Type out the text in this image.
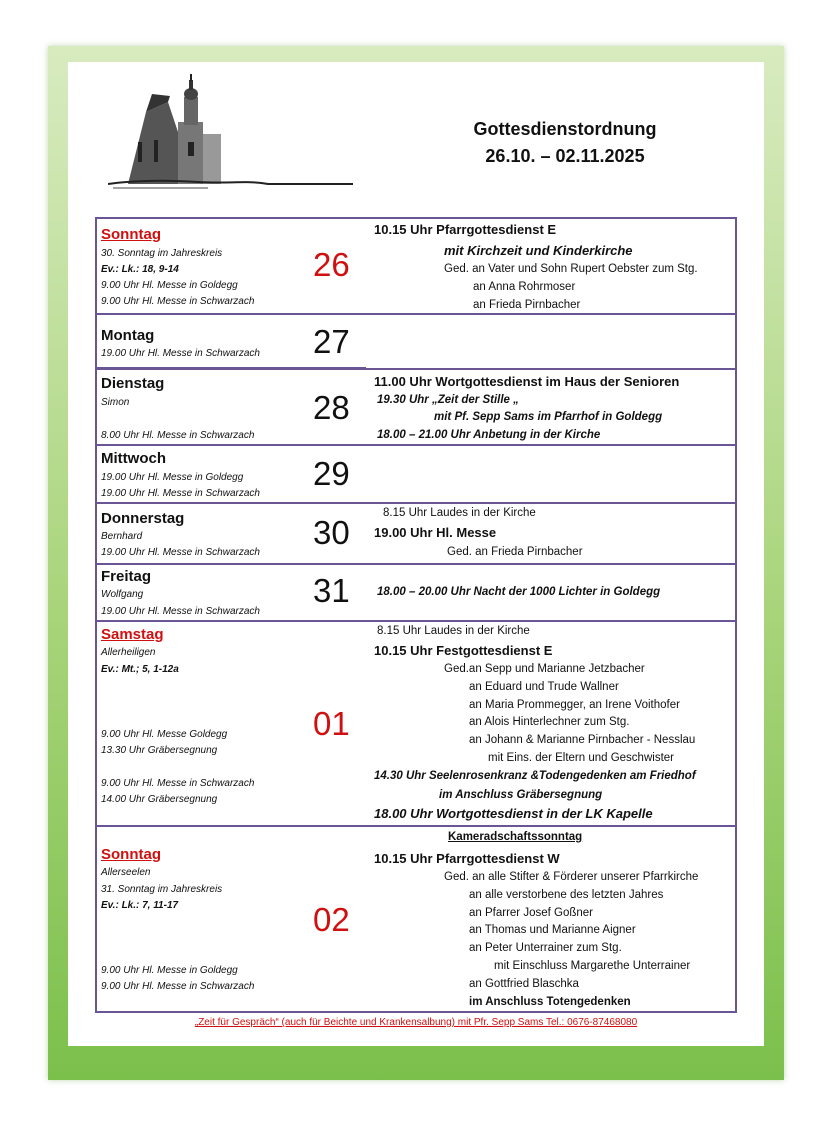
Gottesdienstordnung
26.10. – 02.11.2025
Sonntag
30. Sonntag im Jahreskreis
Ev.: Lk.: 18, 9-14
9.00 Uhr Hl. Messe in Goldegg
9.00 Uhr Hl. Messe in Schwarzach
26
10.15 Uhr Pfarrgottesdienst E
mit Kirchzeit und Kinderkirche
Ged. an Vater und Sohn Rupert Oebster zum Stg.
an Anna Rohrmoser
an Frieda Pirnbacher
Montag
19.00 Uhr Hl. Messe in Schwarzach 27
Dienstag
Simon
8.00 Uhr Hl. Messe in Schwarzach
28
11.00 Uhr Wortgottesdienst im Haus der Senioren
19.30 Uhr „Zeit der Stille „
mit Pf. Sepp Sams im Pfarrhof in Goldegg
18.00 – 21.00 Uhr Anbetung in der Kirche
Mittwoch
19.00 Uhr Hl. Messe in Goldegg
19.00 Uhr Hl. Messe in Schwarzach
29
Donnerstag
Bernhard
19.00 Uhr Hl. Messe in Schwarzach
30
8.15 Uhr Laudes in der Kirche
19.00 Uhr Hl. Messe
Ged. an Frieda Pirnbacher
Freitag
Wolfgang
19.00 Uhr Hl. Messe in Schwarzach
31 18.00 – 20.00 Uhr Nacht der 1000 Lichter in Goldegg
Samstag
Allerheiligen
Ev.: Mt.; 5, 1-12a
9.00 Uhr Hl. Messe Goldegg
13.30 Uhr Gräbersegnung
9.00 Uhr Hl. Messe in Schwarzach
14.00 Uhr Gräbersegnung
01
8.15 Uhr Laudes in der Kirche
10.15 Uhr Festgottesdienst E
Ged.an Sepp und Marianne Jetzbacher
an Eduard und Trude Wallner
an Maria Prommegger, an Irene Voithofer
an Alois Hinterlechner zum Stg.
an Johann & Marianne Pirnbacher - Nesslau
mit Eins. der Eltern und Geschwister
14.30 Uhr Seelenrosenkranz &Todengedenken am Friedhof
im Anschluss Gräbersegnung
18.00 Uhr Wortgottesdienst in der LK Kapelle
Sonntag
Allerseelen
31. Sonntag im Jahreskreis
Ev.: Lk.: 7, 11-17
9.00 Uhr Hl. Messe in Goldegg
9.00 Uhr Hl. Messe in Schwarzach
02
Kameradschaftssonntag
10.15 Uhr Pfarrgottesdienst W
Ged. an alle Stifter & Förderer unserer Pfarrkirche
an alle verstorbene des letzten Jahres
an Pfarrer Josef Goßner
an Thomas und Marianne Aigner
an Peter Unterrainer zum Stg.
mit Einschluss Margarethe Unterrainer
an Gottfried Blaschka
im Anschluss Totengedenken
„Zeit für Gespräch“ (auch für Beichte und Krankensalbung) mit Pfr. Sepp Sams Tel.: 0676-87468080
